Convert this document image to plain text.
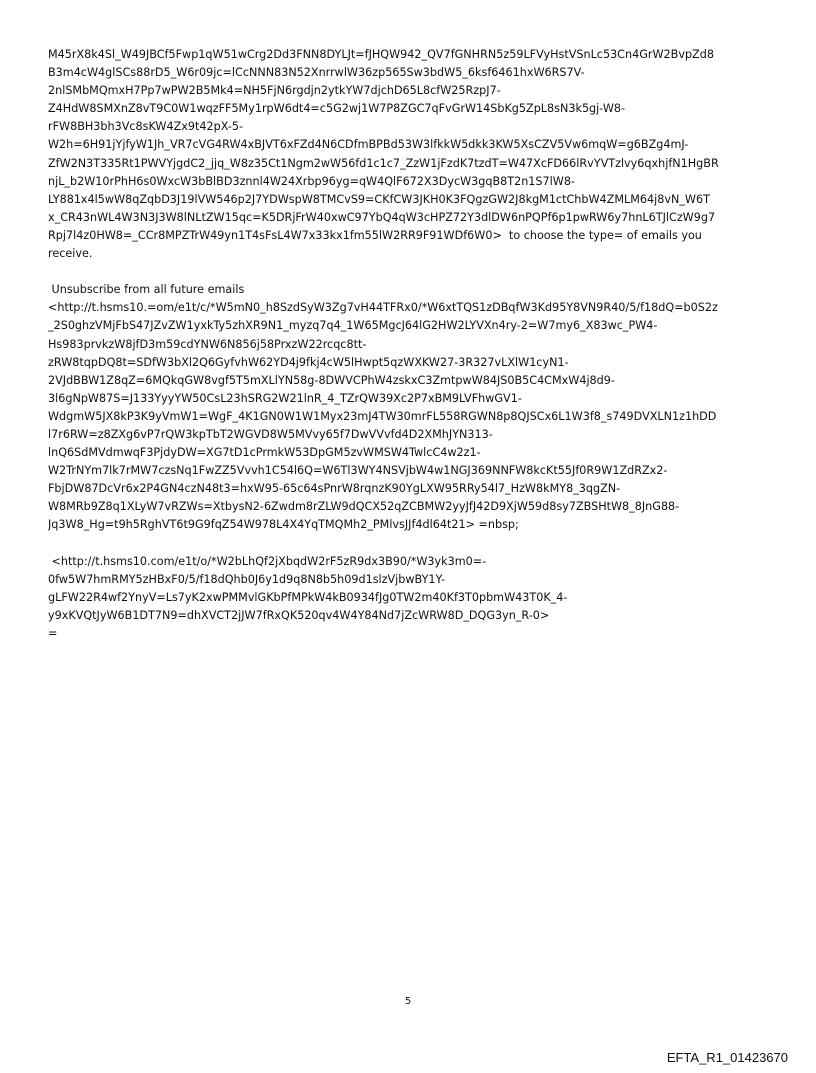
M45rX8k4Sl_W49JBCf5Fwp1qW51wCrg2Dd3FNN8DYLJt=fJHQW942_QV7fGNHRN5z59LFVyHstVSnLc53Cn4GrW2BvpZd8
B3m4cW4glSCs88rD5_W6r09jc=lCcNNN83N52XnrrwlW36zp565Sw3bdW5_6ksf6461hxW6RS7V-
2nlSMbMQmxH7Pp7wPW2B5Mk4=NH5FjN6rgdjn2ytkYW7djchD65L8cfW25RzpJ7-
Z4HdW8SMXnZ8vT9C0W1wqzFF5My1rpW6dt4=c5G2wj1W7P8ZGC7qFvGrW14SbKg5ZpL8sN3k5gj-W8-
rFW8BH3bh3Vc8sKW4Zx9t42pX-5-
W2h=6H91jYjfyW1Jh_VR7cVG4RW4xBJVT6xFZd4N6CDfmBPBd53W3lfkkW5dkk3KW5XsCZV5Vw6mqW=g6BZg4mJ-
ZfW2N3T335Rt1PWVYjgdC2_jjq_W8z35Ct1Ngm2wW56fd1c1c7_ZzW1jFzdK7tzdT=W47XcFD66lRvYVTzlvy6qxhjfN1HgBR
njL_b2W10rPhH6s0WxcW3bBlBD3znnl4W24Xrbp96yg=qW4QlF672X3DycW3gqB8T2n1S7lW8-
LY881x4l5wW8qZqbD3J19lVW546p2J7YDWspW8TMCvS9=CKfCW3JKH0K3FQgzGW2J8kgM1ctChbW4ZMLM64j8vN_W6T
x_CR43nWL4W3N3J3W8lNLtZW15qc=K5DRjFrW40xwC97YbQ4qW3cHPZ72Y3dlDW6nPQPf6p1pwRW6y7hnL6TJlCzW9g7
Rpj7l4z0HW8=_CCr8MPZTrW49yn1T4sFsL4W7x33kx1fm55lW2RR9F91WDf6W0>  to choose the type= of emails you
receive.
Unsubscribe from all future emails
<http://t.hsms10.=om/e1t/c/*W5mN0_h8SzdSyW3Zg7vH44TFRx0/*W6xtTQS1zDBqfW3Kd95Y8VN9R40/5/f18dQ=b0S2z
_2S0ghzVMjFbS47JZvZW1yxkTy5zhXR9N1_myzq7q4_1W65MgcJ64lG2HW2LYVXn4ry-2=W7my6_X83wc_PW4-
Hs983prvkzW8jfD3m59cdYNW6N856j58PrxzW22rcqc8tt-
zRW8tqpDQ8t=SDfW3bXl2Q6GyfvhW62YD4j9fkj4cW5lHwpt5qzWXKW27-3R327vLXlW1cyN1-
2VJdBBW1Z8qZ=6MQkqGW8vgf5T5mXLlYN58g-8DWVCPhW4zskxC3ZmtpwW84JS0B5C4CMxW4j8d9-
3l6gNpW87S=J133YyyYW50CsL23hSRG2W21lnR_4_TZrQW39Xc2P7xBM9LVFhwGV1-
WdgmW5JX8kP3K9yVmW1=WgF_4K1GN0W1W1Myx23mJ4TW30mrFL558RGWN8p8QJSCx6L1W3f8_s749DVXLN1z1hDD
l7r6RW=z8ZXg6vP7rQW3kpTbT2WGVD8W5MVvy65f7DwVVvfd4D2XMhJYN313-
lnQ6SdMVdmwqF3PjdyDW=XG7tD1cPrmkW53DpGM5zvWMSW4TwlcC4w2z1-
W2TrNYm7lk7rMW7czsNq1FwZZ5Vvvh1C54l6Q=W6Tl3WY4NSVjbW4w1NGJ369NNFW8kcKt55Jf0R9W1ZdRZx2-
FbjDW87DcVr6x2P4GN4czN48t3=hxW95-65c64sPnrW8rqnzK90YgLXW95RRy54l7_HzW8kMY8_3qgZN-
W8MRb9Z8q1XLyW7vRZWs=XtbysN2-6Zwdm8rZLW9dQCX52qZCBMW2yyJfJ42D9XjW59d8sy7ZBSHtW8_8JnG88-
Jq3W8_Hg=t9h5RghVT6t9G9fqZ54W978L4X4YqTMQMh2_PMlvsJJf4dl64t21> =nbsp;
<http://t.hsms10.com/e1t/o/*W2bLhQf2jXbqdW2rF5zR9dx3B90/*W3yk3m0=-
0fw5W7hmRMY5zHBxF0/5/f18dQhb0J6y1d9q8N8b5h09d1slzVjbwBY1Y-
gLFW22R4wf2YnyV=Ls7yK2xwPMMvlGKbPfMPkW4kB0934fJg0TW2m40Kf3T0pbmW43T0K_4-
y9xKVQtJyW6B1DT7N9=dhXVCT2jJW7fRxQK520qv4W4Y84Nd7jZcWRW8D_DQG3yn_R-0>
=
5
EFTA_R1_01423670
